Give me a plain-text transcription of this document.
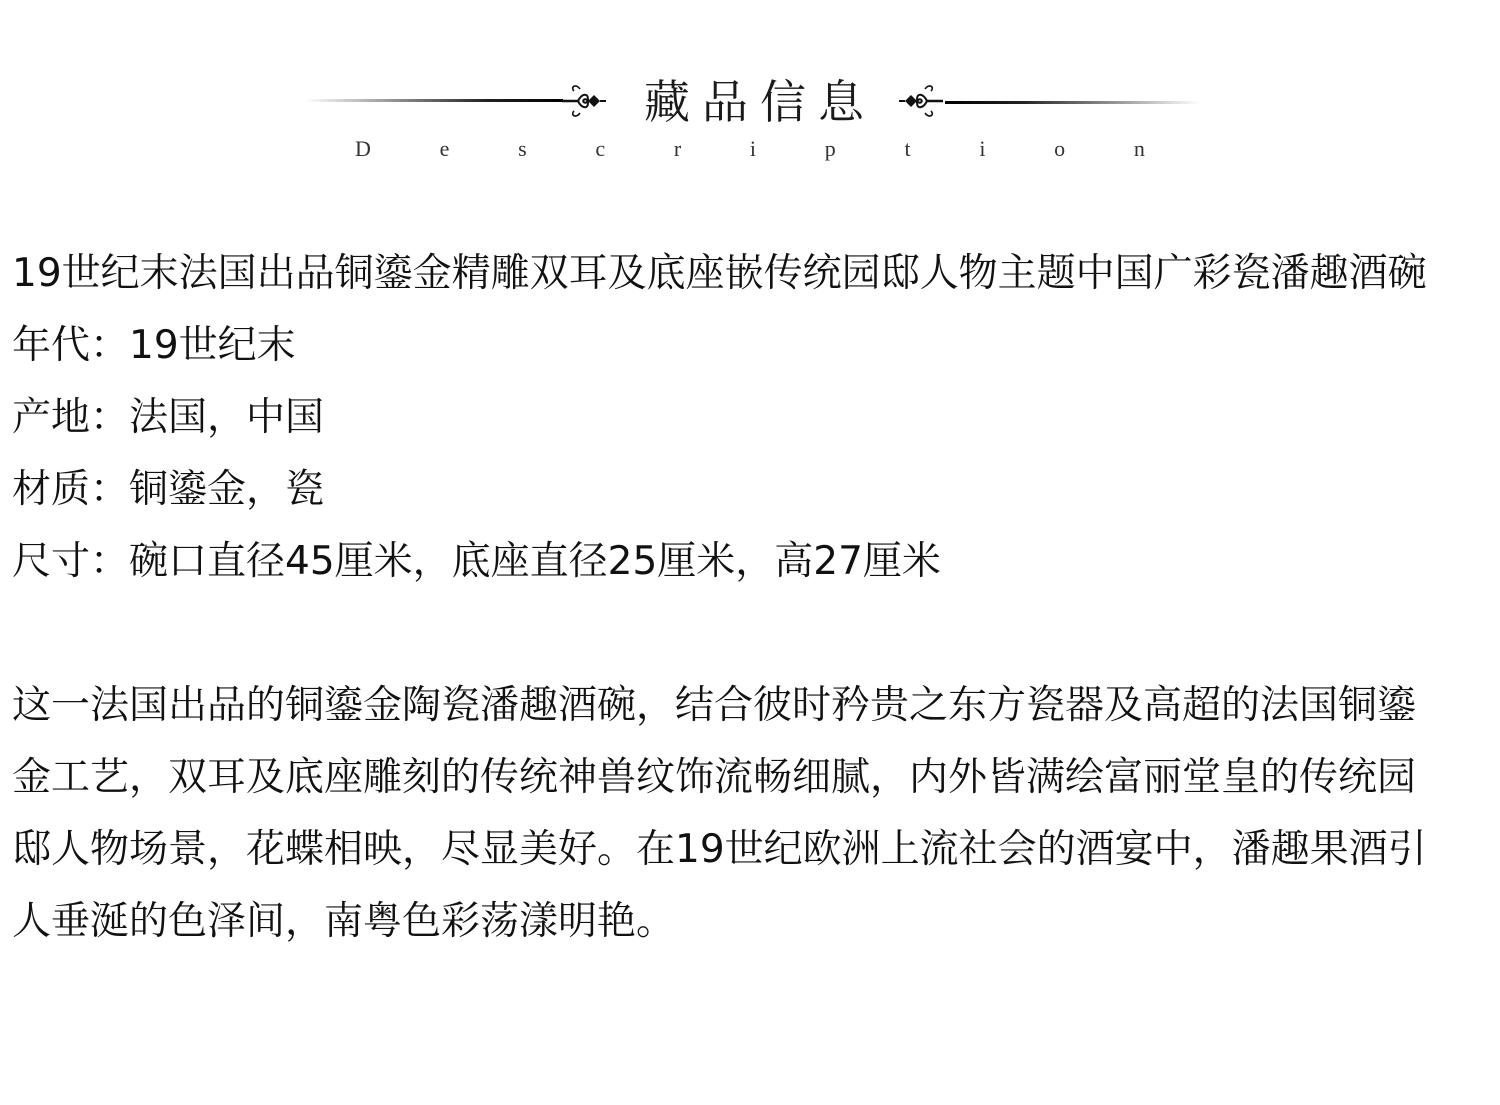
藏品信息
D	e	s	c	r	i	p	t	i	o	n

19世纪末法国出品铜鎏金精雕双耳及底座嵌传统园邸人物主题中国广彩瓷潘趣酒碗

年代：19世纪末

产地：法国，中国

材质：铜鎏金，瓷

尺寸：碗口直径45厘米，底座直径25厘米，高27厘米

这一法国出品的铜鎏金陶瓷潘趣酒碗，结合彼时矜贵之东方瓷器及高超的法国铜鎏金工艺，双耳及底座雕刻的传统神兽纹饰流畅细腻，内外皆满绘富丽堂皇的传统园邸人物场景，花蝶相映，尽显美好。在19世纪欧洲上流社会的酒宴中，潘趣果酒引人垂涎的色泽间，南粤色彩荡漾明艳。
